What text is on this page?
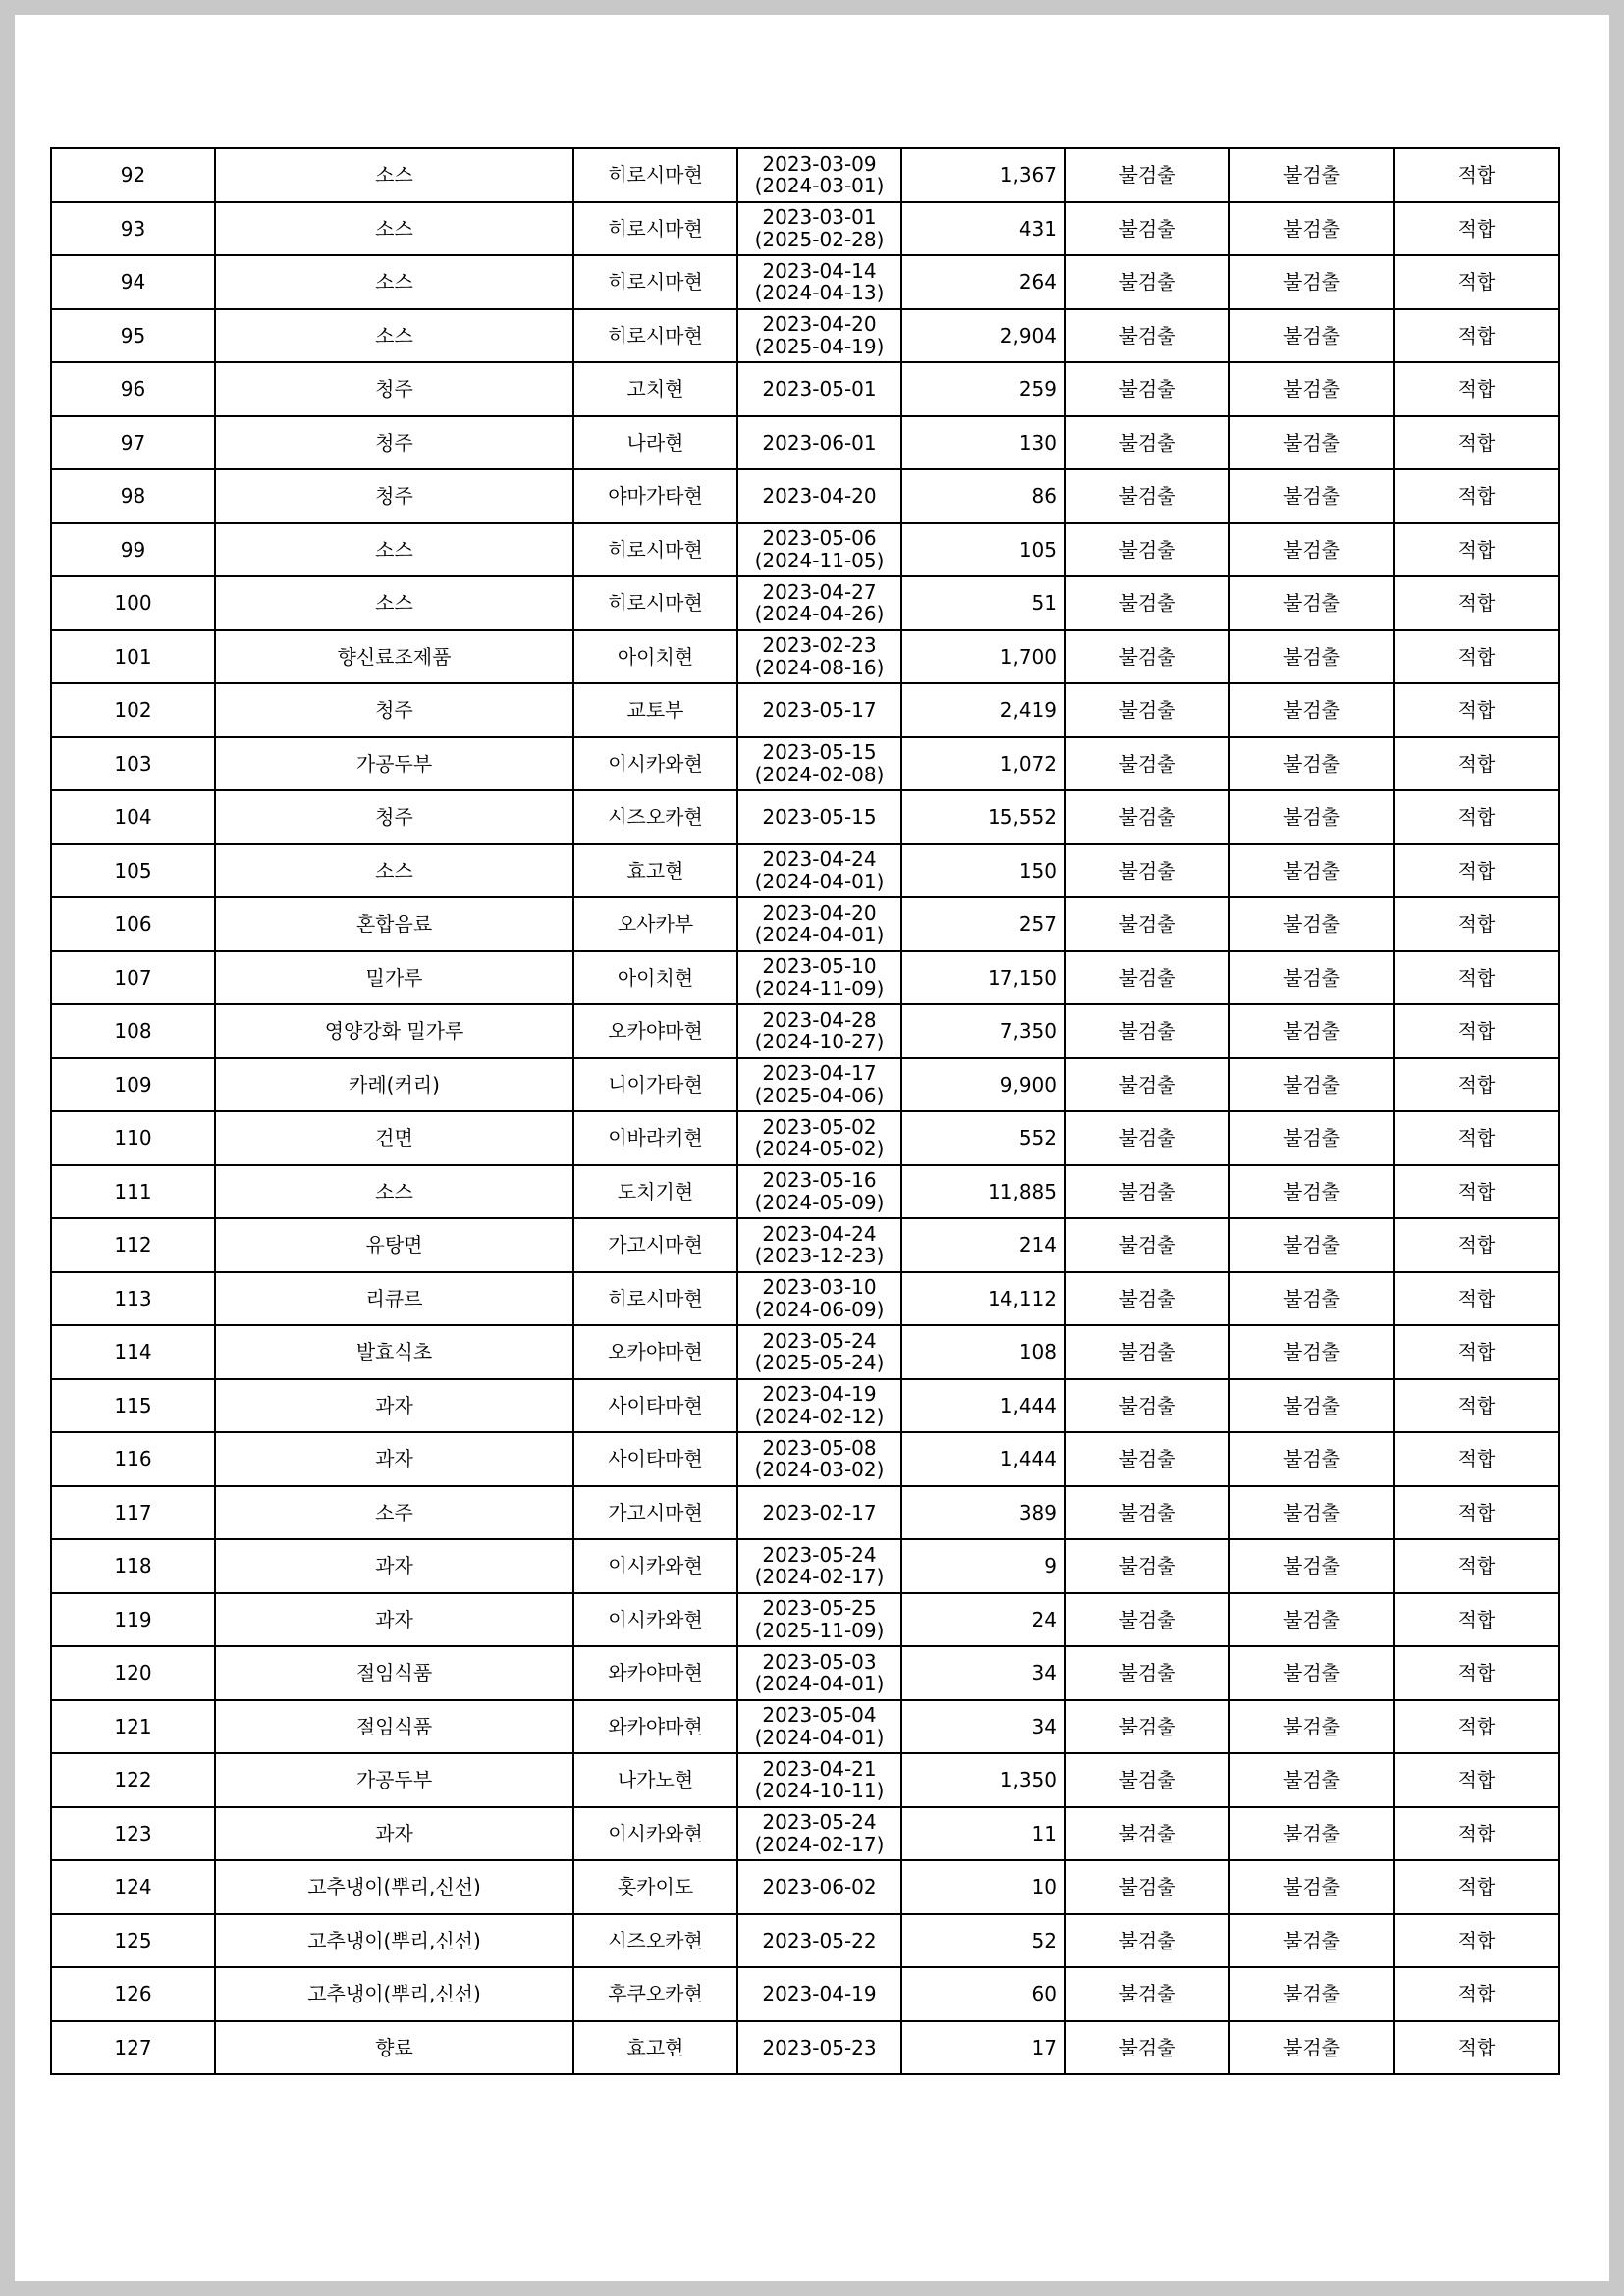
92	소스	히로시마현	2023-03-09
(2024-03-01)	1,367	불검출	불검출	적합
93	소스	히로시마현	2023-03-01
(2025-02-28)	431	불검출	불검출	적합
94	소스	히로시마현	2023-04-14
(2024-04-13)	264	불검출	불검출	적합
95	소스	히로시마현	2023-04-20
(2025-04-19)	2,904	불검출	불검출	적합
96	청주	고치현	2023-05-01	259	불검출	불검출	적합
97	청주	나라현	2023-06-01	130	불검출	불검출	적합
98	청주	야마가타현	2023-04-20	86	불검출	불검출	적합
99	소스	히로시마현	2023-05-06
(2024-11-05)	105	불검출	불검출	적합
100	소스	히로시마현	2023-04-27
(2024-04-26)	51	불검출	불검출	적합
101	향신료조제품	아이치현	2023-02-23
(2024-08-16)	1,700	불검출	불검출	적합
102	청주	교토부	2023-05-17	2,419	불검출	불검출	적합
103	가공두부	이시카와현	2023-05-15
(2024-02-08)	1,072	불검출	불검출	적합
104	청주	시즈오카현	2023-05-15	15,552	불검출	불검출	적합
105	소스	효고현	2023-04-24
(2024-04-01)	150	불검출	불검출	적합
106	혼합음료	오사카부	2023-04-20
(2024-04-01)	257	불검출	불검출	적합
107	밀가루	아이치현	2023-05-10
(2024-11-09)	17,150	불검출	불검출	적합
108	영양강화 밀가루	오카야마현	2023-04-28
(2024-10-27)	7,350	불검출	불검출	적합
109	카레(커리)	니이가타현	2023-04-17
(2025-04-06)	9,900	불검출	불검출	적합
110	건면	이바라키현	2023-05-02
(2024-05-02)	552	불검출	불검출	적합
111	소스	도치기현	2023-05-16
(2024-05-09)	11,885	불검출	불검출	적합
112	유탕면	가고시마현	2023-04-24
(2023-12-23)	214	불검출	불검출	적합
113	리큐르	히로시마현	2023-03-10
(2024-06-09)	14,112	불검출	불검출	적합
114	발효식초	오카야마현	2023-05-24
(2025-05-24)	108	불검출	불검출	적합
115	과자	사이타마현	2023-04-19
(2024-02-12)	1,444	불검출	불검출	적합
116	과자	사이타마현	2023-05-08
(2024-03-02)	1,444	불검출	불검출	적합
117	소주	가고시마현	2023-02-17	389	불검출	불검출	적합
118	과자	이시카와현	2023-05-24
(2024-02-17)	9	불검출	불검출	적합
119	과자	이시카와현	2023-05-25
(2025-11-09)	24	불검출	불검출	적합
120	절임식품	와카야마현	2023-05-03
(2024-04-01)	34	불검출	불검출	적합
121	절임식품	와카야마현	2023-05-04
(2024-04-01)	34	불검출	불검출	적합
122	가공두부	나가노현	2023-04-21
(2024-10-11)	1,350	불검출	불검출	적합
123	과자	이시카와현	2023-05-24
(2024-02-17)	11	불검출	불검출	적합
124	고추냉이(뿌리,신선)	홋카이도	2023-06-02	10	불검출	불검출	적합
125	고추냉이(뿌리,신선)	시즈오카현	2023-05-22	52	불검출	불검출	적합
126	고추냉이(뿌리,신선)	후쿠오카현	2023-04-19	60	불검출	불검출	적합
127	향료	효고현	2023-05-23	17	불검출	불검출	적합
